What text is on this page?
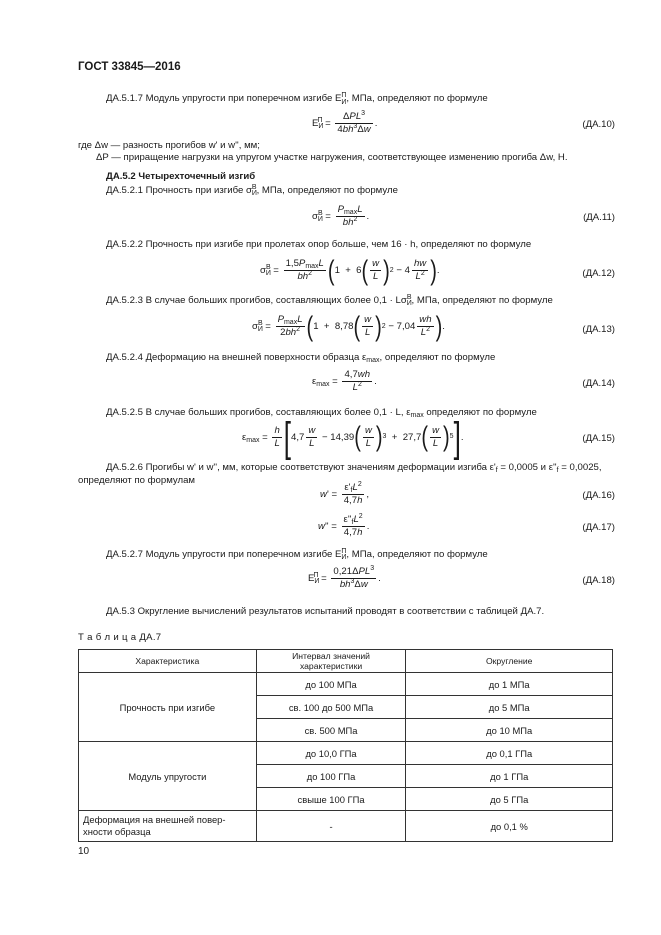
ГОСТ 33845—2016
ДА.5.1.7 Модуль упругости при поперечном изгибе $E_И^П$, МПа, определяют по формуле
$E_И^П = \frac{\Delta PL^3}{4bh^3\Delta w}$ .	(ДА.10)
где Δw — разность прогибов w' и w'', мм;
ΔP — приращение нагрузки на упругом участке нагружения, соответствующее изменению прогиба Δw, Н.
ДА.5.2 Четырехточечный изгиб
ДА.5.2.1 Прочность при изгибе $\sigma_И^В$, МПа, определяют по формуле
$\sigma_И^В = \frac{P_{max}L}{bh^2}$ .	(ДА.11)
ДА.5.2.2 Прочность при изгибе при пролетах опор больше, чем 16 · h, определяют по формуле
$\sigma_И^В = \frac{1,5P_{max}L}{bh^2}$ ( 1  +  6 ( $\frac{w}{L}$ ) $2 - 4 \frac{hw}{L^2}$ ) .	(ДА.12)
ДА.5.2.3 В случае больших прогибов, составляющих более $0,1 \cdot L\sigma_И^В$, МПа, определяют по формуле
$\sigma_И^В = \frac{P_{max}L}{2bh^2}$ ( 1  +  8,78 ( $\frac{w}{L}$ ) $2 - 7,04 \frac{wh}{L^2}$ ) .	(ДА.13)
ДА.5.2.4 Деформацию на внешней поверхности образца $\varepsilon_{max}$, определяют по формуле
$\varepsilon_{max} = \frac{4,7wh}{L^2}$ .	(ДА.14)
ДА.5.2.5 В случае больших прогибов, составляющих более 0,1 · L, $\varepsilon_{max}$ определяют по формуле
$\varepsilon_{max} = \frac{h}{L}$ [ $4,7 \frac{w}{L} - 14,39$ ( $\frac{w}{L}$ ) 3 +  27,7 ( $\frac{w}{L}$ ) 5 ] .	(ДА.15)
ДА.5.2.6 Прогибы w' и w'', мм, которые соответствуют значениям деформации изгиба $\varepsilon'_f = 0,0005$ и $\varepsilon''_f = 0,0025$,
определяют по формулам
$w' = \frac{\varepsilon'_fL^2}{4,7h}$ ,	(ДА.16)
$w'' = \frac{\varepsilon''_fL^2}{4,7h}$ .	(ДА.17)
ДА.5.2.7 Модуль упругости при поперечном изгибе $E_И^П$, МПа, определяют по формуле
$E_И^П = \frac{0,21\Delta PL^3}{bh^3\Delta w}$ .	(ДА.18)
ДА.5.3 Округление вычислений результатов испытаний проводят в соответствии с таблицей ДА.7.
Т а б л и ц а ДА.7
Характеристика	Интервал значений характеристики	Округление
Прочность при изгибе	до 100 МПа	до 1 МПа
	св. 100 до 500 МПа	до 5 МПа
	св. 500 МПа	до 10 МПа
Модуль упругости	до 10,0 ГПа	до 0,1 ГПа
	до 100 ГПа	до 1 ГПа
	свыше 100 ГПа	до 5 ГПа
Деформация на внешней повер-
хности образца	-	до 0,1 %
10
